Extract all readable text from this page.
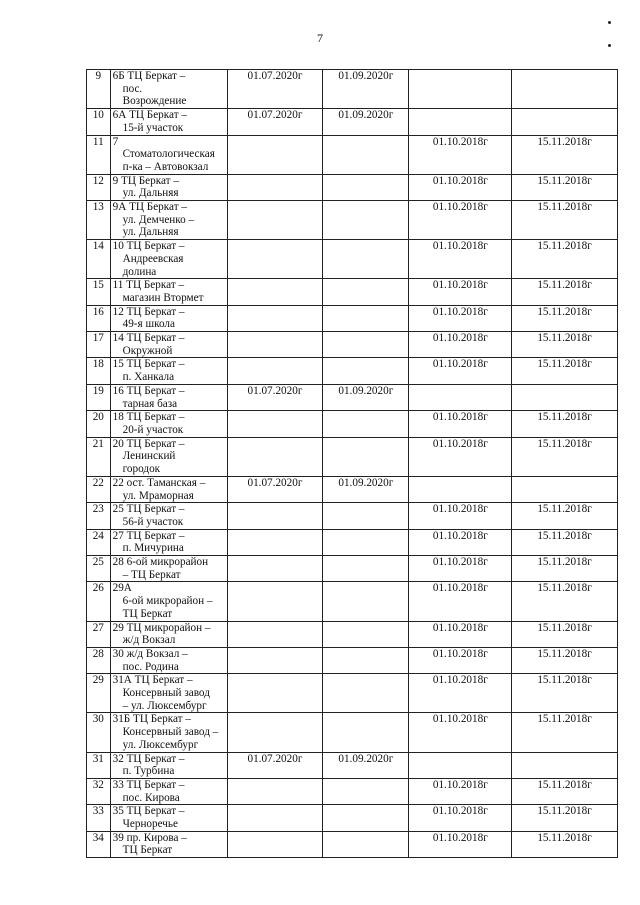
7
9	6Б ТЦ Беркат –
пос.
Возрождение	01.07.2020г	01.09.2020г		
10	6А ТЦ Беркат –
15-й участок	01.07.2020г	01.09.2020г		
11	7
Стоматологическая
п-ка – Автовокзал			01.10.2018г	15.11.2018г
12	9 ТЦ Беркат –
ул. Дальняя			01.10.2018г	15.11.2018г
13	9А ТЦ Беркат –
ул. Демченко –
ул. Дальняя			01.10.2018г	15.11.2018г
14	10 ТЦ Беркат –
Андреевская
долина			01.10.2018г	15.11.2018г
15	11 ТЦ Беркат –
магазин Втормет			01.10.2018г	15.11.2018г
16	12 ТЦ Беркат –
49-я школа			01.10.2018г	15.11.2018г
17	14 ТЦ Беркат –
Окружной			01.10.2018г	15.11.2018г
18	15 ТЦ Беркат –
п. Ханкала			01.10.2018г	15.11.2018г
19	16 ТЦ Беркат –
тарная база	01.07.2020г	01.09.2020г		
20	18 ТЦ Беркат –
20-й участок			01.10.2018г	15.11.2018г
21	20 ТЦ Беркат –
Ленинский
городок			01.10.2018г	15.11.2018г
22	22 ост. Таманская –
ул. Мраморная	01.07.2020г	01.09.2020г		
23	25 ТЦ Беркат –
56-й участок			01.10.2018г	15.11.2018г
24	27 ТЦ Беркат –
п. Мичурина			01.10.2018г	15.11.2018г
25	28 6-ой микрорайон
– ТЦ Беркат			01.10.2018г	15.11.2018г
26	29А
6-ой микрорайон –
ТЦ Беркат			01.10.2018г	15.11.2018г
27	29 ТЦ микрорайон –
ж/д Вокзал			01.10.2018г	15.11.2018г
28	30 ж/д Вокзал –
пос. Родина			01.10.2018г	15.11.2018г
29	31А ТЦ Беркат –
Консервный завод
– ул. Люксембург			01.10.2018г	15.11.2018г
30	31Б ТЦ Беркат –
Консервный завод –
ул. Люксембург			01.10.2018г	15.11.2018г
31	32 ТЦ Беркат –
п. Турбина	01.07.2020г	01.09.2020г		
32	33 ТЦ Беркат –
пос. Кирова			01.10.2018г	15.11.2018г
33	35 ТЦ Беркат –
Черноречье			01.10.2018г	15.11.2018г
34	39 пр. Кирова –
ТЦ Беркат			01.10.2018г	15.11.2018г
